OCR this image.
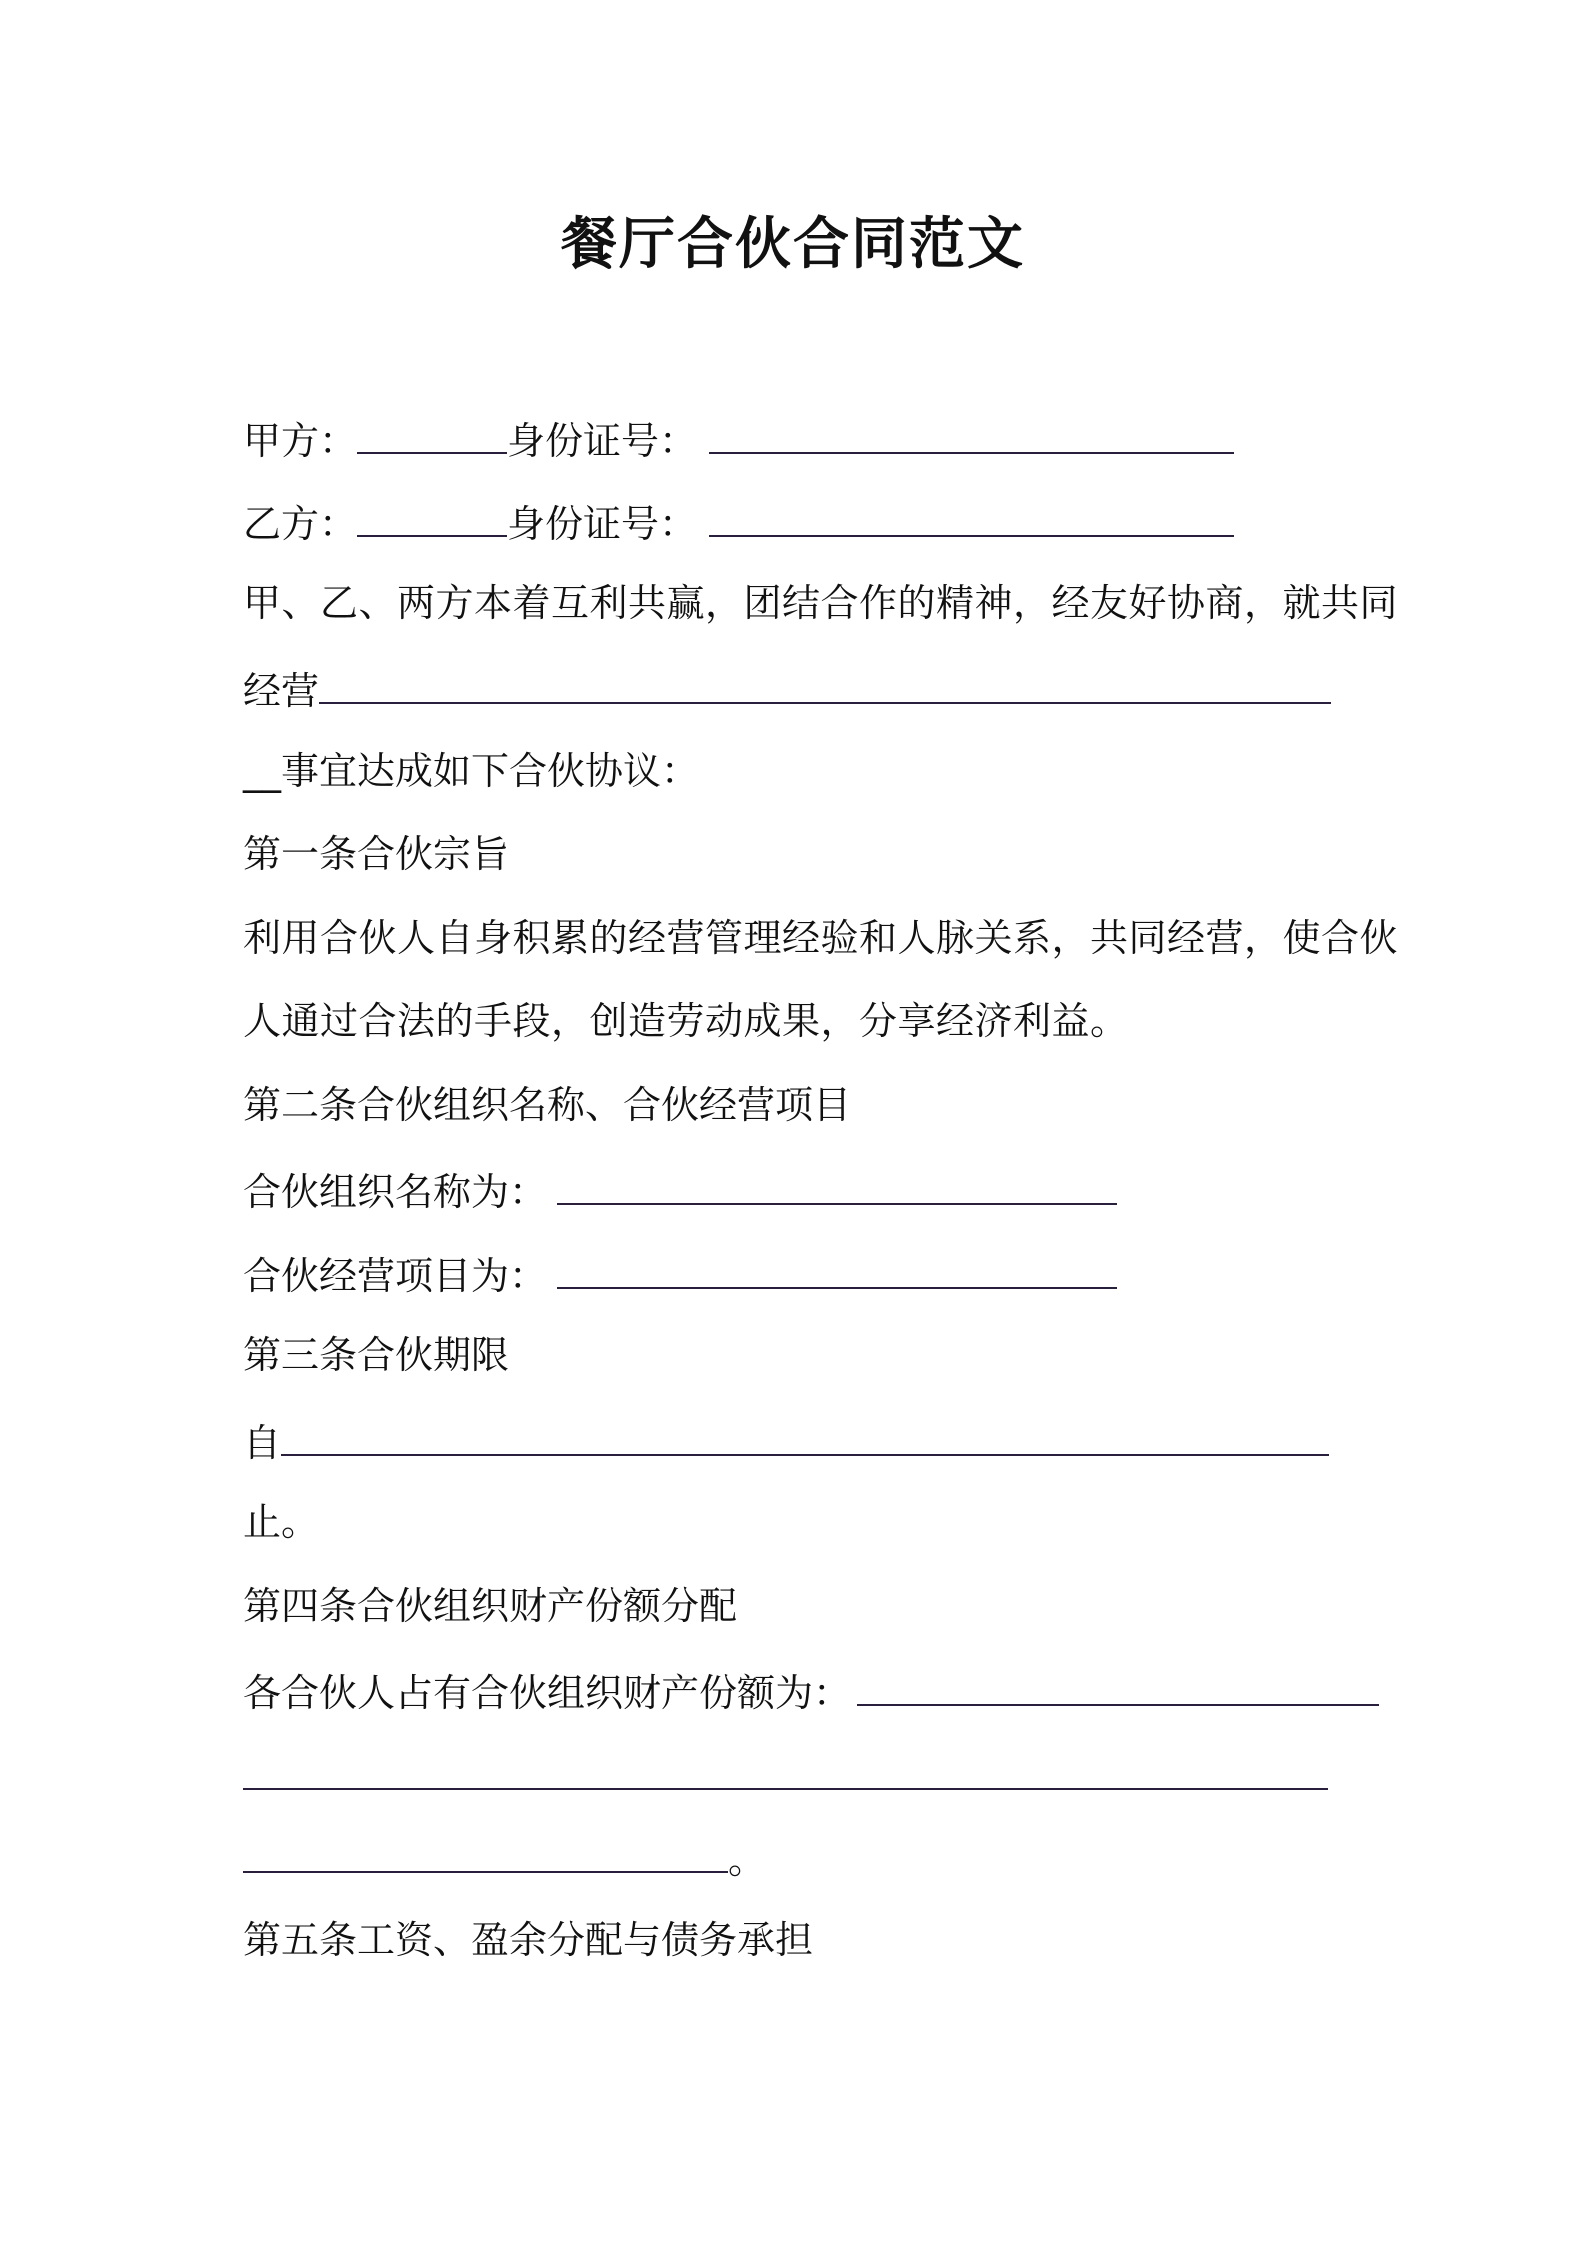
餐厅合伙合同范文
甲方：	身份证号：
乙方：	身份证号：
甲、乙、两方本着互利共赢，团结合作的精神，经友好协商，就共同
经营
__事宜达成如下合伙协议：
第一条合伙宗旨
利用合伙人自身积累的经营管理经验和人脉关系，共同经营，使合伙
人通过合法的手段，创造劳动成果，分享经济利益。
第二条合伙组织名称、合伙经营项目
合伙组织名称为：
合伙经营项目为：
第三条合伙期限
自
止。
第四条合伙组织财产份额分配
各合伙人占有合伙组织财产份额为：
。
第五条工资、盈余分配与债务承担
